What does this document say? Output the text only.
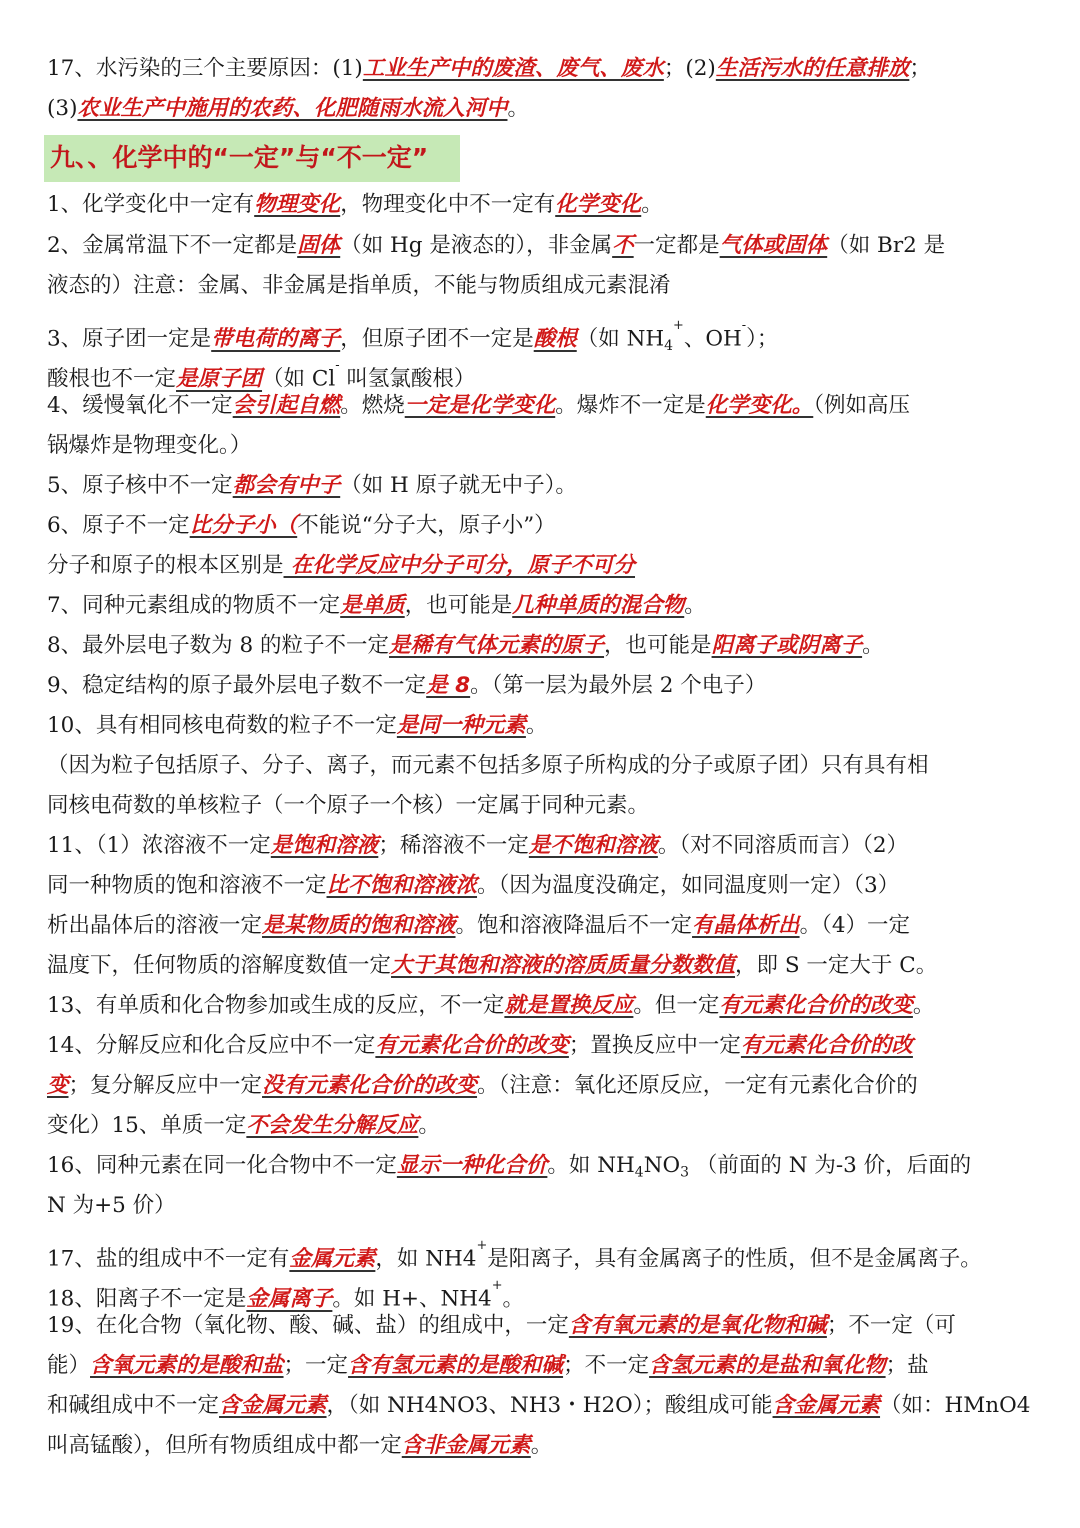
九、、化学中的“一定”与“不一定”
17、水污染的三个主要原因：(1)工业生产中的废渣、废气、废水；(2)生活污水的任意排放；
(3)农业生产中施用的农药、化肥随雨水流入河中。
1、化学变化中一定有物理变化，物理变化中不一定有化学变化。
2、金属常温下不一定都是固体（如 Hg 是液态的），非金属不一定都是气体或固体（如 Br2 是
液态的）注意：金属、非金属是指单质，不能与物质组成元素混淆
3、原子团一定是带电荷的离子，但原子团不一定是酸根（如 $NH_4^+$、OH-）；
酸根也不一定是原子团（如 Cl- 叫氢氯酸根）
4、缓慢氧化不一定会引起自燃。燃烧一定是化学变化。爆炸不一定是化学变化。（例如高压
锅爆炸是物理变化。）
5、原子核中不一定都会有中子（如 H 原子就无中子）。
6、原子不一定比分子小（不能说“分子大，原子小”）
分子和原子的根本区别是 在化学反应中分子可分，原子不可分
7、同种元素组成的物质不一定是单质，也可能是几种单质的混合物。
8、最外层电子数为 8 的粒子不一定是稀有气体元素的原子，也可能是阳离子或阴离子。
9、稳定结构的原子最外层电子数不一定是 8。（第一层为最外层 2 个电子）
10、具有相同核电荷数的粒子不一定是同一种元素。
（因为粒子包括原子、分子、离子，而元素不包括多原子所构成的分子或原子团）只有具有相
同核电荷数的单核粒子（一个原子一个核）一定属于同种元素。
11、（1）浓溶液不一定是饱和溶液；稀溶液不一定是不饱和溶液。（对不同溶质而言）（2）
同一种物质的饱和溶液不一定比不饱和溶液浓。（因为温度没确定，如同温度则一定）（3）
析出晶体后的溶液一定是某物质的饱和溶液。饱和溶液降温后不一定有晶体析出。（4）一定
温度下，任何物质的溶解度数值一定大于其饱和溶液的溶质质量分数数值，即 S 一定大于 C。
13、有单质和化合物参加或生成的反应，不一定就是置换反应。但一定有元素化合价的改变。
14、分解反应和化合反应中不一定有元素化合价的改变；置换反应中一定有元素化合价的改
变；复分解反应中一定没有元素化合价的改变。（注意：氧化还原反应，一定有元素化合价的
变化）15、单质一定不会发生分解反应。
16、同种元素在同一化合物中不一定显示一种化合价。如 $NH_4NO_3$ （前面的 N 为-3 价，后面的
N 为+5 价）
17、盐的组成中不一定有金属元素，如 NH4+是阳离子，具有金属离子的性质，但不是金属离子。
18、阳离子不一定是金属离子。如 H+、NH4+。
19、在化合物（氧化物、酸、碱、盐）的组成中，一定含有氧元素的是氧化物和碱；不一定（可
能）含氧元素的是酸和盐；一定含有氢元素的是酸和碱；不一定含氢元素的是盐和氧化物；盐
和碱组成中不一定含金属元素，（如 NH4NO3、NH3・H2O）；酸组成可能含金属元素（如：HMnO4
叫高锰酸），但所有物质组成中都一定含非金属元素。
